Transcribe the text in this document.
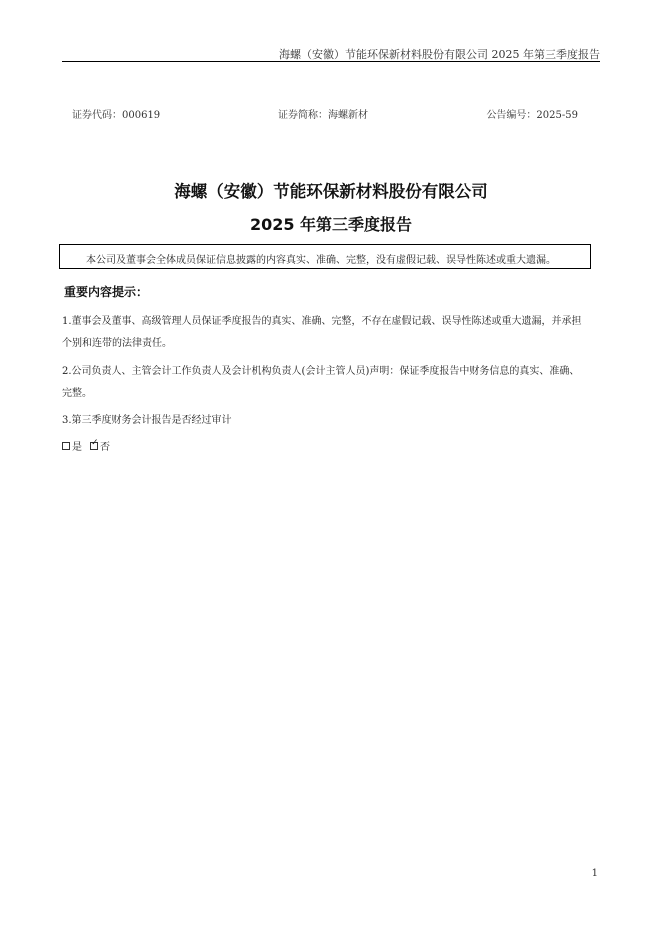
海螺（安徽）节能环保新材料股份有限公司 2025 年第三季度报告
证券代码：000619	证券简称：海螺新材	公告编号：2025-59
海螺（安徽）节能环保新材料股份有限公司
2025 年第三季度报告
本公司及董事会全体成员保证信息披露的内容真实、准确、完整，没有虚假记载、误导性陈述或重大遗漏。
重要内容提示：
1.董事会及董事、高级管理人员保证季度报告的真实、准确、完整，不存在虚假记载、误导性陈述或重大遗漏，并承担
个别和连带的法律责任。
2.公司负责人、主管会计工作负责人及会计机构负责人(会计主管人员)声明：保证季度报告中财务信息的真实、准确、
完整。
3.第三季度财务会计报告是否经过审计
是 ✓ 否
1
